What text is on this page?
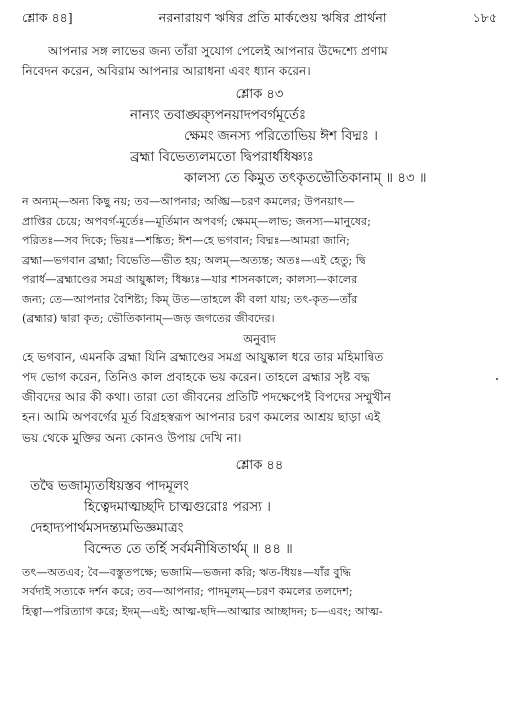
শ্লোক ৪৪]	নরনারায়ণ ঋষির প্রতি মার্কণ্ডেয় ঋষির প্রার্থনা	১৮৫

আপনার সঙ্গ লাভের জন্য তাঁরা সুযোগ পেলেই আপনার উদ্দেশ্যে প্রণাম

নিবেদন করেন, অবিরাম আপনার আরাধনা এবং ধ্যান করেন।

শ্লোক ৪৩

নান্যং তবাঙ্ঘ্র্যুপনয়াদপবর্গমূর্তেঃ

ক্ষেমং জনস্য পরিতোভিয় ঈশ বিদ্মঃ ।

ব্রহ্মা বিভেত্যলমতো দ্বিপরার্ধধিষ্ণ্যঃ

কালস্য তে কিমুত তৎকৃতভৌতিকানাম্‌ ॥ ৪৩ ॥

ন অন্যম্‌—অন্য কিছু নয়; তব—আপনার; অঙ্ঘ্রি—চরণ কমলের; উপনয়াৎ—

প্রাপ্তির চেয়ে; অপবর্গ-মূর্তেঃ—মূর্তিমান অপবর্গ; ক্ষেমম্‌—লাভ; জনস্য—মানুষের;

পরিতঃ—সব দিকে; ভিয়ঃ—শঙ্কিত; ঈশ—হে ভগবান; বিদ্মঃ—আমরা জানি;

ব্রহ্মা—ভগবান ব্রহ্মা; বিভেতি—ভীত হয়; অলম্‌—অত্যন্ত; অতঃ—এই হেতু; দ্বি

পরার্ধ—ব্রহ্মাণ্ডের সমগ্র আয়ুষ্কাল; ধিষ্ণ্যঃ—যার শাসনকালে; কালস্য—কালের

জন্য; তে—আপনার বৈশিষ্ট্য; কিম্‌ উত—তাহলে কী বলা যায়; তৎ-কৃত—তাঁর

(ব্রহ্মার) দ্বারা কৃত; ভৌতিকানাম্‌—জড় জগতের জীবদের।

অনুবাদ

হে ভগবান, এমনকি ব্রহ্মা যিনি ব্রহ্মাণ্ডের সমগ্র আয়ুষ্কাল ধরে তার মহিমান্বিত

পদ ভোগ করেন, তিনিও কাল প্রবাহকে ভয় করেন। তাহলে ব্রহ্মার সৃষ্ট বদ্ধ

জীবদের আর কী কথা। তারা তো জীবনের প্রতিটি পদক্ষেপেই বিপদের সম্মুখীন

হন। আমি অপবর্গের মূর্ত বিগ্রহস্বরূপ আপনার চরণ কমলের আশ্রয় ছাড়া এই

ভয় থেকে মুক্তির অন্য কোনও উপায় দেখি না।

শ্লোক ৪৪

তদ্বৈ ভজাম্যৃতধিয়স্তব পাদমূলং

হিত্বেদমাত্মচ্ছদি চাত্মগুরোঃ পরস্য ।

দেহাদ্যপার্থমসদন্ত্যমভিজ্ঞমাত্রং

বিন্দেত তে তর্হি সর্বমনীষিতার্থম্‌ ॥ ৪৪ ॥

তৎ—অতএব; বৈ—বস্তুতপক্ষে; ভজামি—ভজনা করি; ঋত-ধিয়ঃ—যাঁর বুদ্ধি

সর্বদাই সত্যকে দর্শন করে; তব—আপনার; পাদমূলম্‌—চরণ কমলের তলদেশ;

হিত্বা—পরিত্যাগ করে; ইদম্‌—এই; আত্ম-ছদি—আত্মার আচ্ছাদন; চ—এবং; আত্ম-
